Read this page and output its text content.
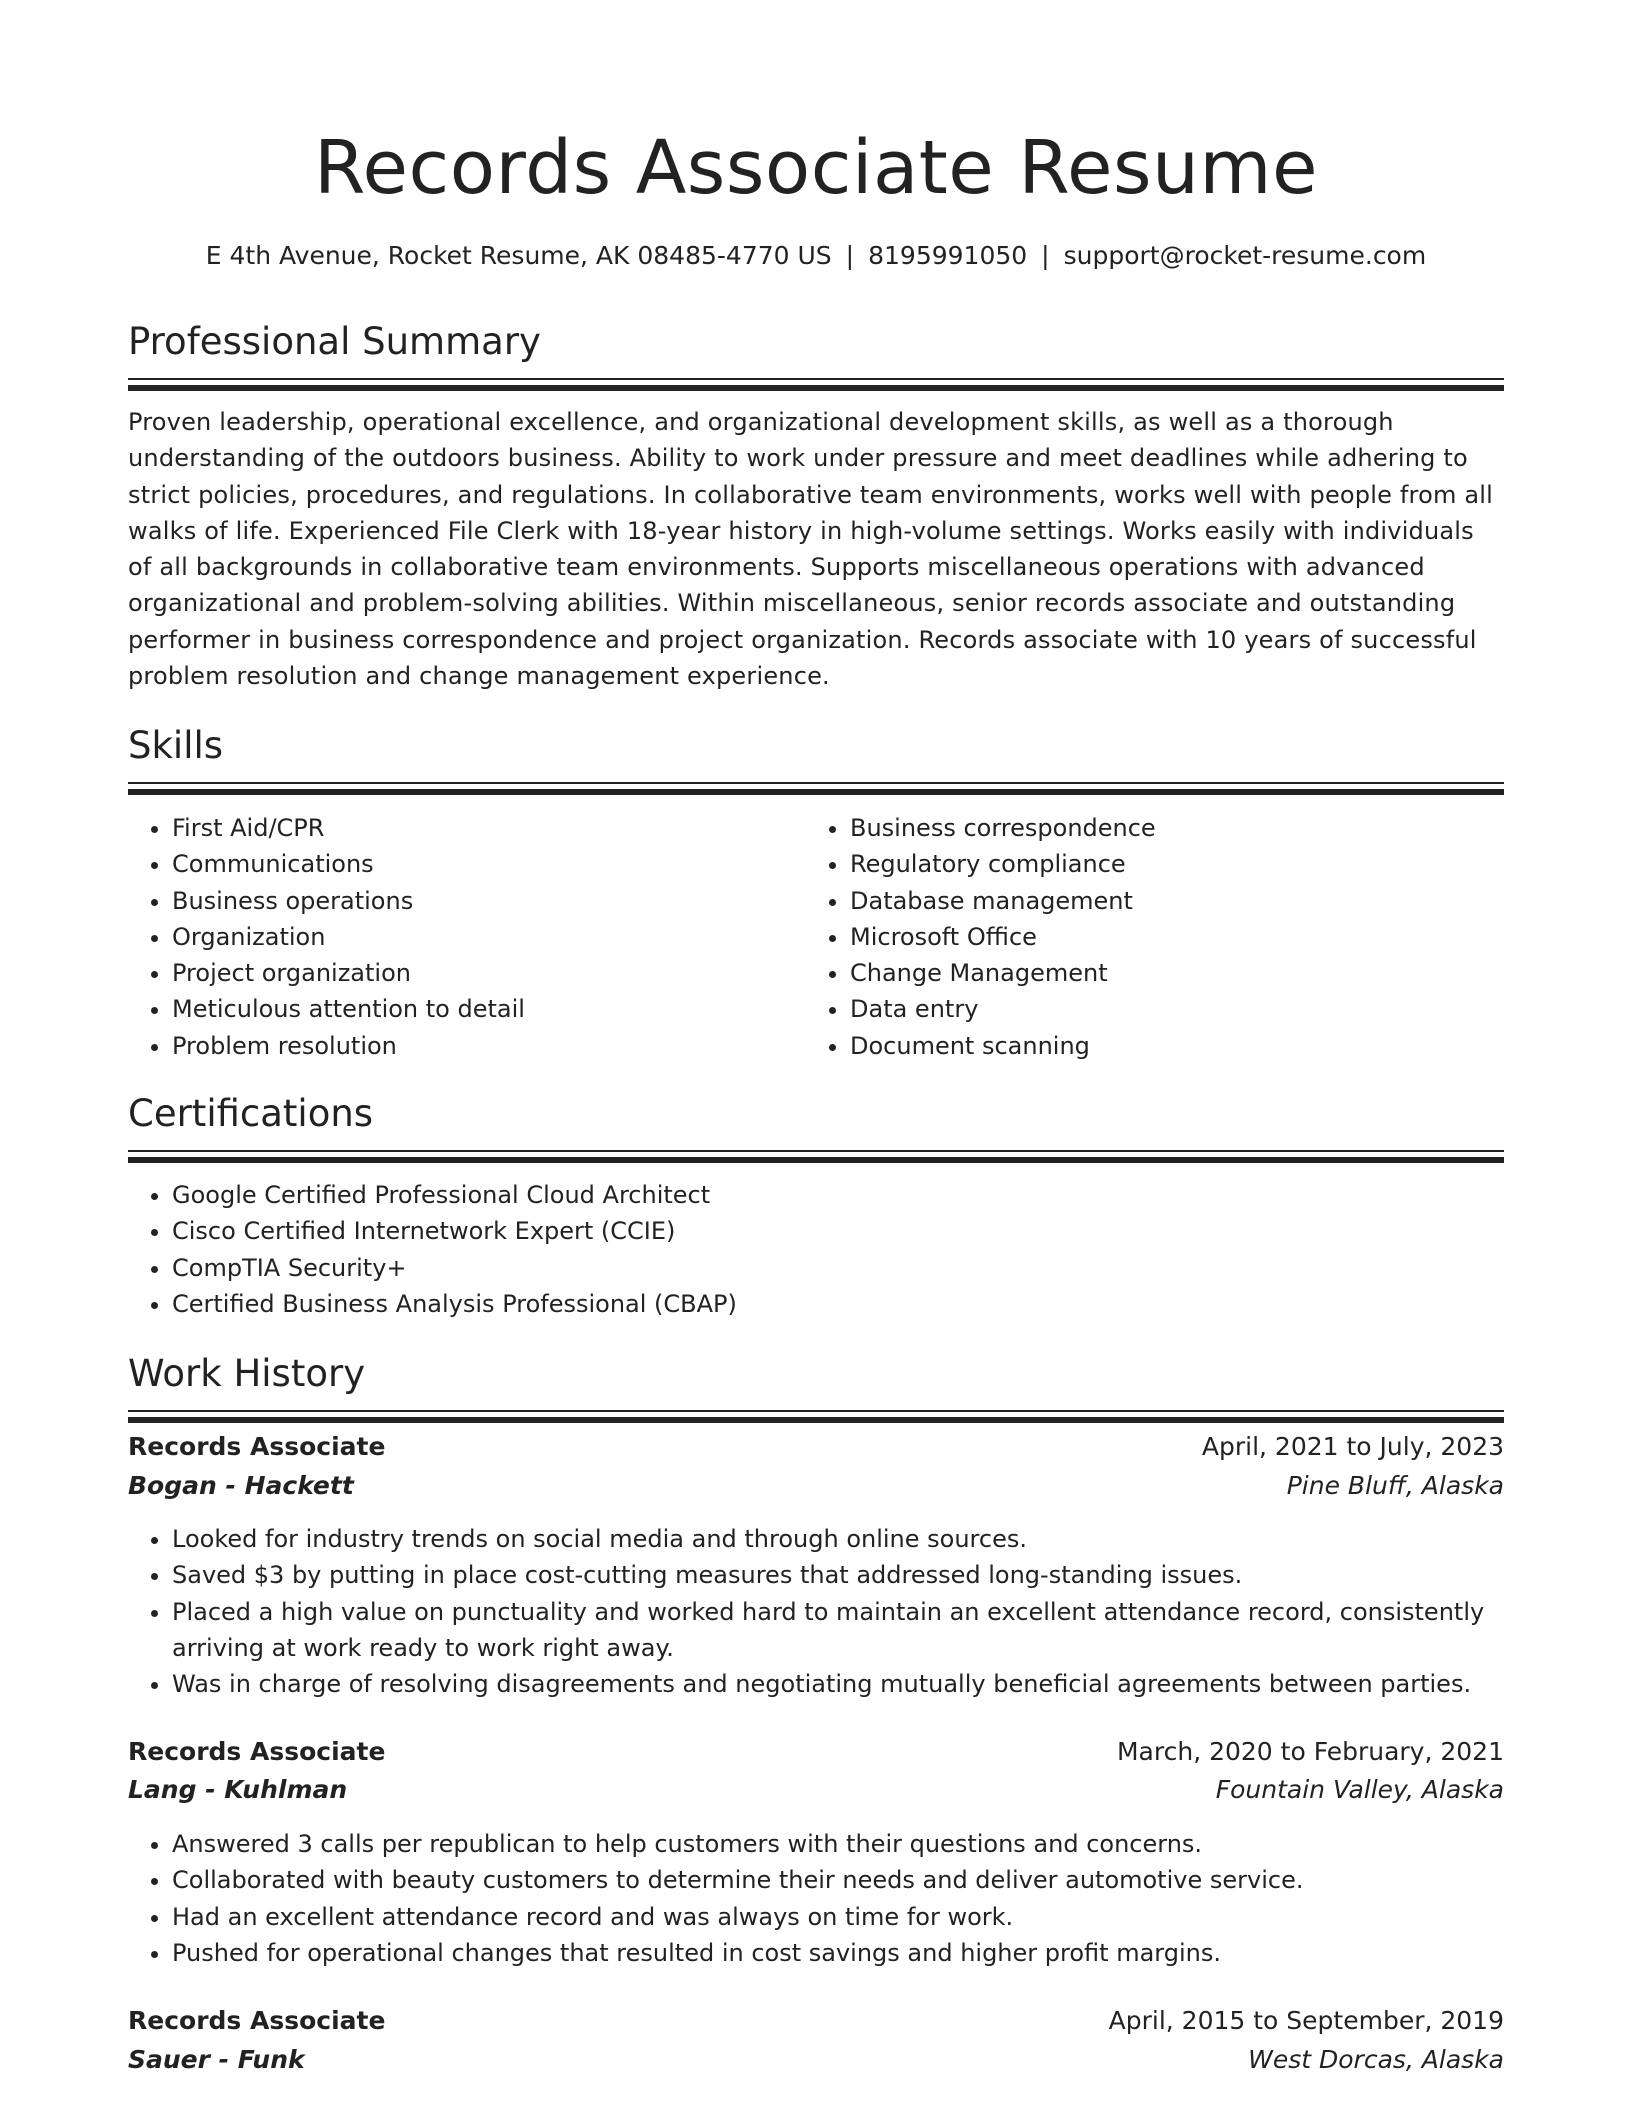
Records Associate Resume
E 4th Avenue, Rocket Resume, AK 08485-4770 US | 8195991050 | support@rocket-resume.com
Professional Summary

Proven leadership, operational excellence, and organizational development skills, as well as a thorough understanding of the outdoors business. Ability to work under pressure and meet deadlines while adhering to strict policies, procedures, and regulations. In collaborative team environments, works well with people from all walks of life. Experienced File Clerk with 18-year history in high-volume settings. Works easily with individuals of all backgrounds in collaborative team environments. Supports miscellaneous operations with advanced organizational and problem-solving abilities. Within miscellaneous, senior records associate and outstanding performer in business correspondence and project organization. Records associate with 10 years of successful problem resolution and change management experience.

Skills
• First Aid/CPR
• Communications
• Business operations
• Organization
• Project organization
• Meticulous attention to detail
• Problem resolution
• Business correspondence
• Regulatory compliance
• Database management
• Microsoft Office
• Change Management
• Data entry
• Document scanning
Certifications
• Google Certified Professional Cloud Architect
• Cisco Certified Internetwork Expert (CCIE)
• CompTIA Security+
• Certified Business Analysis Professional (CBAP)
Work History
Records Associate	April, 2021 to July, 2023
Bogan - Hackett	Pine Bluff, Alaska
• Looked for industry trends on social media and through online sources.
• Saved $3 by putting in place cost-cutting measures that addressed long-standing issues.
• Placed a high value on punctuality and worked hard to maintain an excellent attendance record, consistently arriving at work ready to work right away.
• Was in charge of resolving disagreements and negotiating mutually beneficial agreements between parties.
Records Associate	March, 2020 to February, 2021
Lang - Kuhlman	Fountain Valley, Alaska
• Answered 3 calls per republican to help customers with their questions and concerns.
• Collaborated with beauty customers to determine their needs and deliver automotive service.
• Had an excellent attendance record and was always on time for work.
• Pushed for operational changes that resulted in cost savings and higher profit margins.
Records Associate	April, 2015 to September, 2019
Sauer - Funk	West Dorcas, Alaska
